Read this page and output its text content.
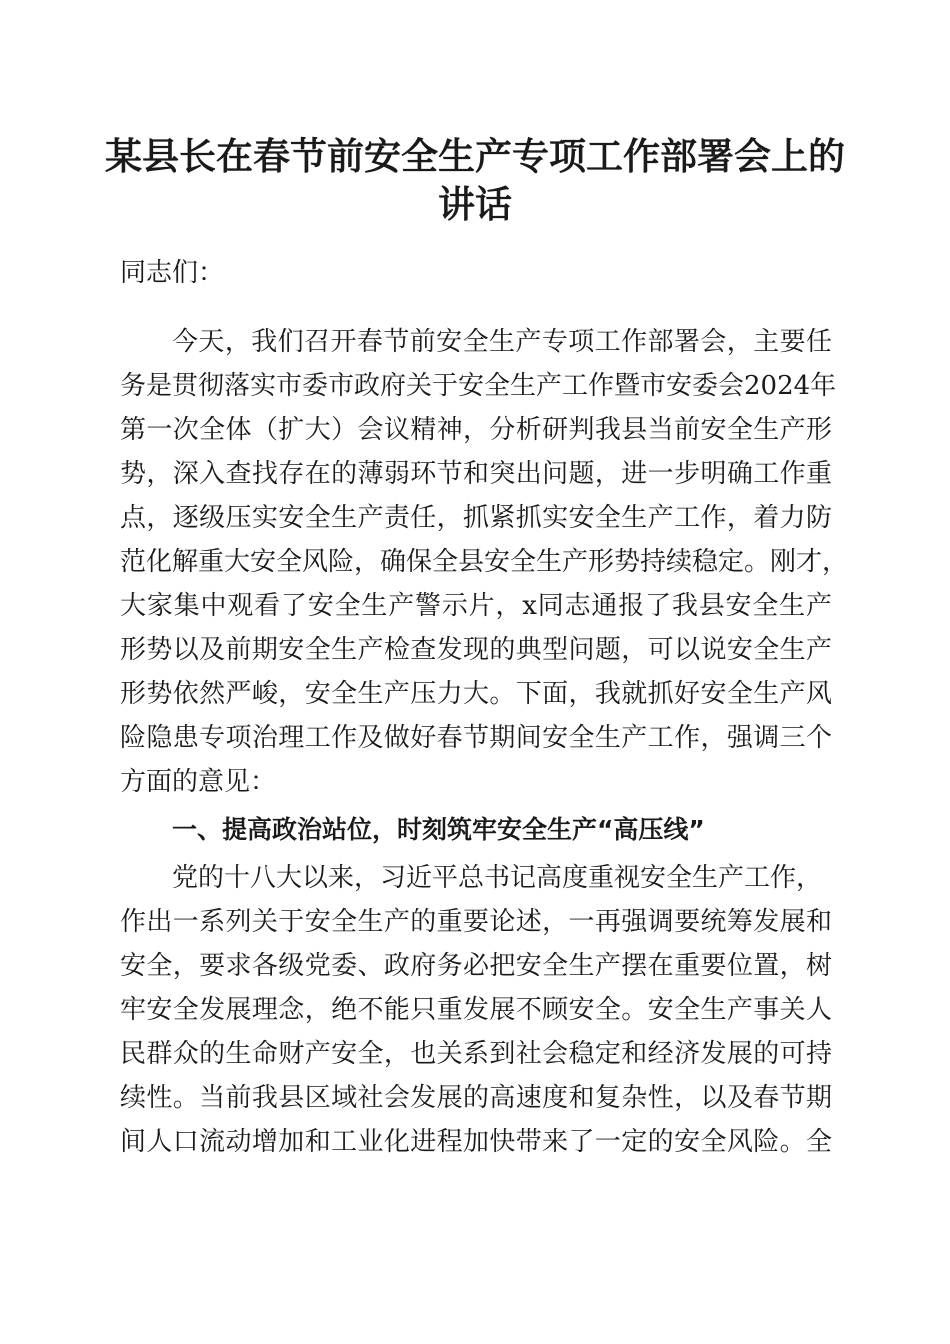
某县长在春节前安全生产专项工作部署会上的
讲话
同志们：
今天，我们召开春节前安全生产专项工作部署会，主要任
务是贯彻落实市委市政府关于安全生产工作暨市安委会2024年
第一次全体（扩大）会议精神，分析研判我县当前安全生产形
势，深入查找存在的薄弱环节和突出问题，进一步明确工作重
点，逐级压实安全生产责任，抓紧抓实安全生产工作，着力防
范化解重大安全风险，确保全县安全生产形势持续稳定。刚才，
大家集中观看了安全生产警示片，x同志通报了我县安全生产
形势以及前期安全生产检查发现的典型问题，可以说安全生产
形势依然严峻，安全生产压力大。下面，我就抓好安全生产风
险隐患专项治理工作及做好春节期间安全生产工作，强调三个
方面的意见：
一、提高政治站位，时刻筑牢安全生产“高压线”
党的十八大以来，习近平总书记高度重视安全生产工作，
作出一系列关于安全生产的重要论述，一再强调要统筹发展和
安全，要求各级党委、政府务必把安全生产摆在重要位置，树
牢安全发展理念，绝不能只重发展不顾安全。安全生产事关人
民群众的生命财产安全，也关系到社会稳定和经济发展的可持
续性。当前我县区域社会发展的高速度和复杂性，以及春节期
间人口流动增加和工业化进程加快带来了一定的安全风险。全
